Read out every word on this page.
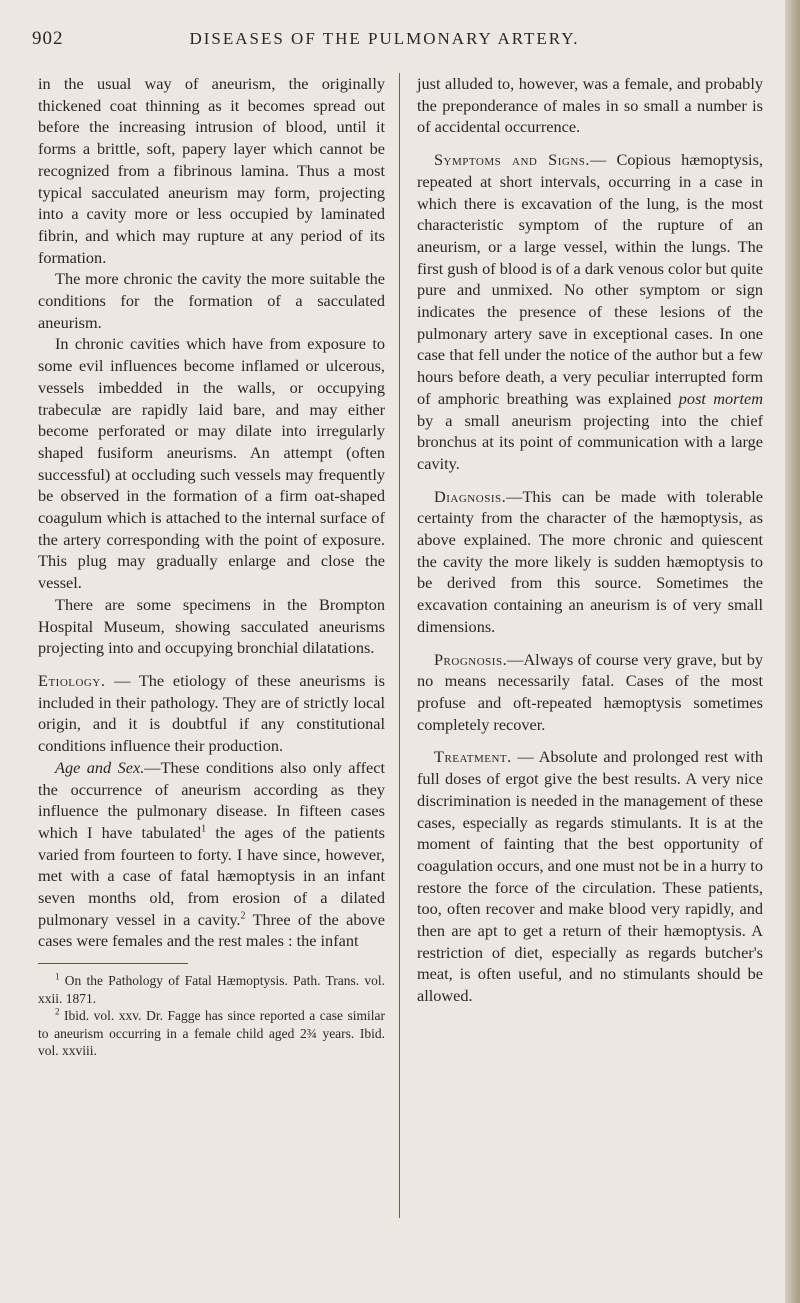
902	DISEASES OF THE PULMONARY ARTERY.

in the usual way of aneurism, the originally thickened coat thinning as it becomes spread out before the increasing intrusion of blood, until it forms a brittle, soft, papery layer which cannot be recognized from a fibrinous lamina. Thus a most typical sacculated aneurism may form, projecting into a cavity more or less occupied by laminated fibrin, and which may rupture at any period of its formation.

The more chronic the cavity the more suitable the conditions for the formation of a sacculated aneurism.

In chronic cavities which have from exposure to some evil influences become inflamed or ulcerous, vessels imbedded in the walls, or occupying trabeculæ are rapidly laid bare, and may either become perforated or may dilate into irregularly shaped fusiform aneurisms. An attempt (often successful) at occluding such vessels may frequently be observed in the formation of a firm oat-shaped coagulum which is attached to the internal surface of the artery corresponding with the point of exposure. This plug may gradually enlarge and close the vessel.

There are some specimens in the Brompton Hospital Museum, showing sacculated aneurisms projecting into and occupying bronchial dilatations.

Etiology. — The etiology of these aneurisms is included in their pathology. They are of strictly local origin, and it is doubtful if any constitutional conditions influence their production.

Age and Sex.—These conditions also only affect the occurrence of aneurism according as they influence the pulmonary disease. In fifteen cases which I have tabulated$^1$ the ages of the patients varied from fourteen to forty. I have since, however, met with a case of fatal hæmoptysis in an infant seven months old, from erosion of a dilated pulmonary vessel in a cavity.$^2$ Three of the above cases were females and the rest males : the infant

$^1$ On the Pathology of Fatal Hæmoptysis. Path. Trans. vol. xxii. 1871.

$^2$ Ibid. vol. xxv. Dr. Fagge has since reported a case similar to aneurism occurring in a female child aged 2¾ years. Ibid. vol. xxviii.

just alluded to, however, was a female, and probably the preponderance of males in so small a number is of accidental occurrence.

Symptoms and Signs.— Copious hæmoptysis, repeated at short intervals, occurring in a case in which there is excavation of the lung, is the most characteristic symptom of the rupture of an aneurism, or a large vessel, within the lungs. The first gush of blood is of a dark venous color but quite pure and unmixed. No other symptom or sign indicates the presence of these lesions of the pulmonary artery save in exceptional cases. In one case that fell under the notice of the author but a few hours before death, a very peculiar interrupted form of amphoric breathing was explained post mortem by a small aneurism projecting into the chief bronchus at its point of communication with a large cavity.

Diagnosis.—This can be made with tolerable certainty from the character of the hæmoptysis, as above explained. The more chronic and quiescent the cavity the more likely is sudden hæmoptysis to be derived from this source. Sometimes the excavation containing an aneurism is of very small dimensions.

Prognosis.—Always of course very grave, but by no means necessarily fatal. Cases of the most profuse and oft-repeated hæmoptysis sometimes completely recover.

Treatment. — Absolute and prolonged rest with full doses of ergot give the best results. A very nice discrimination is needed in the management of these cases, especially as regards stimulants. It is at the moment of fainting that the best opportunity of coagulation occurs, and one must not be in a hurry to restore the force of the circulation. These patients, too, often recover and make blood very rapidly, and then are apt to get a return of their hæmoptysis. A restriction of diet, especially as regards butcher's meat, is often useful, and no stimulants should be allowed.
